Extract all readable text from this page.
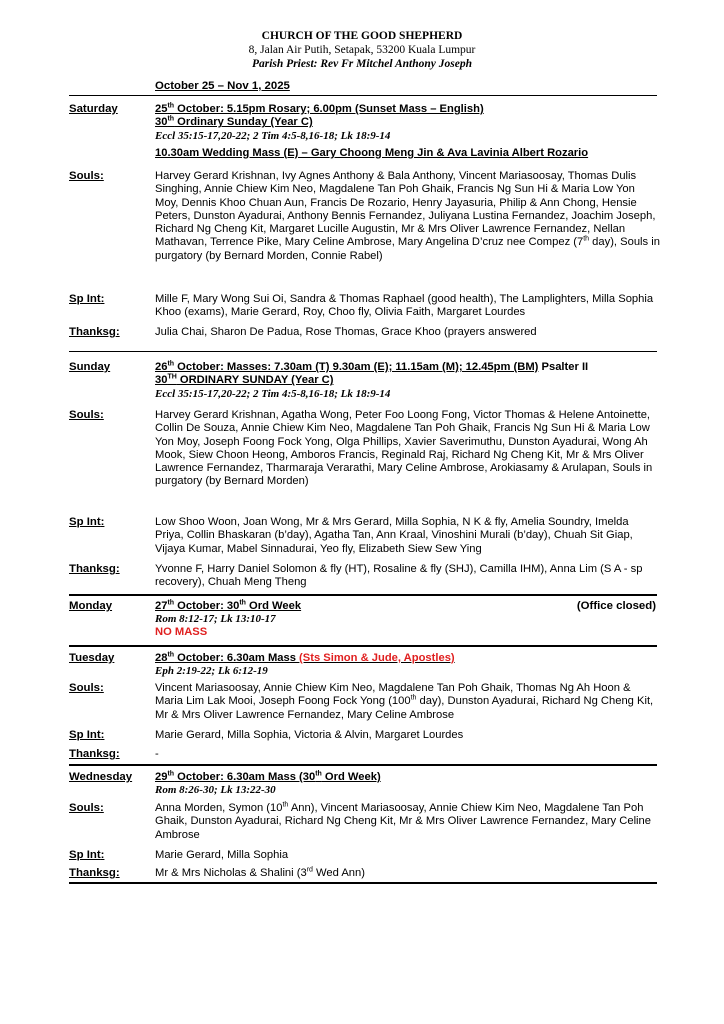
CHURCH OF THE GOOD SHEPHERD
8, Jalan Air Putih, Setapak, 53200 Kuala Lumpur
Parish Priest: Rev Fr Mitchel Anthony Joseph
October 25 – Nov 1, 2025
Saturday	25th October: 5.15pm Rosary; 6.00pm (Sunset Mass – English)
30th Ordinary Sunday (Year C)
Eccl 35:15-17,20-22; 2 Tim 4:5-8,16-18; Lk 18:9-14
10.30am Wedding Mass (E) – Gary Choong Meng Jin & Ava Lavinia Albert Rozario
Souls:	Harvey Gerard Krishnan, Ivy Agnes Anthony & Bala Anthony, Vincent Mariasoosay, Thomas Dulis Singhing, Annie Chiew Kim Neo, Magdalene Tan Poh Ghaik, Francis Ng Sun Hi & Maria Low Yon Moy, Dennis Khoo Chuan Aun, Francis De Rozario, Henry Jayasuria, Philip & Ann Chong, Hensie Peters, Dunston Ayadurai, Anthony Bennis Fernandez, Juliyana Lustina Fernandez, Joachim Joseph, Richard Ng Cheng Kit, Margaret Lucille Augustin, Mr & Mrs Oliver Lawrence Fernandez, Nellan Mathavan, Terrence Pike, Mary Celine Ambrose, Mary Angelina D’cruz nee Compez (7th day), Souls in purgatory (by Bernard Morden, Connie Rabel)
Sp Int:	Mille F, Mary Wong Sui Oi, Sandra & Thomas Raphael (good health), The Lamplighters, Milla Sophia Khoo (exams), Marie Gerard, Roy, Choo fly, Olivia Faith, Margaret Lourdes
Thanksg:	Julia Chai, Sharon De Padua, Rose Thomas, Grace Khoo (prayers answered
Sunday	26th October: Masses: 7.30am (T) 9.30am (E); 11.15am (M); 12.45pm (BM) Psalter II
30TH ORDINARY SUNDAY (Year C)
Eccl 35:15-17,20-22; 2 Tim 4:5-8,16-18; Lk 18:9-14
Souls:	Harvey Gerard Krishnan, Agatha Wong, Peter Foo Loong Fong, Victor Thomas & Helene Antoinette, Collin De Souza, Annie Chiew Kim Neo, Magdalene Tan Poh Ghaik, Francis Ng Sun Hi & Maria Low Yon Moy, Joseph Foong Fock Yong, Olga Phillips, Xavier Saverimuthu, Dunston Ayadurai, Wong Ah Mook, Siew Choon Heong, Amboros Francis, Reginald Raj, Richard Ng Cheng Kit, Mr & Mrs Oliver Lawrence Fernandez, Tharmaraja Verarathi, Mary Celine Ambrose, Arokiasamy & Arulapan, Souls in purgatory (by Bernard Morden)
Sp Int:	Low Shoo Woon, Joan Wong, Mr & Mrs Gerard, Milla Sophia, N K & fly, Amelia Soundry, Imelda Priya, Collin Bhaskaran (b’day), Agatha Tan, Ann Kraal, Vinoshini Murali (b’day), Chuah Sit Giap, Vijaya Kumar, Mabel Sinnadurai, Yeo fly, Elizabeth Siew Sew Ying
Thanksg:	Yvonne F, Harry Daniel Solomon & fly (HT), Rosaline & fly (SHJ), Camilla IHM), Anna Lim (S A - sp recovery), Chuah Meng Theng
Monday	27th October: 30th Ord Week
Rom 8:12-17; Lk 13:10-17
NO MASS
(Office closed)
Tuesday	28th October: 6.30am Mass (Sts Simon & Jude, Apostles)
Eph 2:19-22; Lk 6:12-19
Souls:	Vincent Mariasoosay, Annie Chiew Kim Neo, Magdalene Tan Poh Ghaik, Thomas Ng Ah Hoon & Maria Lim Lak Mooi, Joseph Foong Fock Yong (100th day), Dunston Ayadurai, Richard Ng Cheng Kit, Mr & Mrs Oliver Lawrence Fernandez, Mary Celine Ambrose
Sp Int:	Marie Gerard, Milla Sophia, Victoria & Alvin, Margaret Lourdes
Thanksg:	-
Wednesday 29th October: 6.30am Mass (30th Ord Week)
Rom 8:26-30; Lk 13:22-30
Souls:	Anna Morden, Symon (10th Ann), Vincent Mariasoosay, Annie Chiew Kim Neo, Magdalene Tan Poh Ghaik, Dunston Ayadurai, Richard Ng Cheng Kit, Mr & Mrs Oliver Lawrence Fernandez, Mary Celine Ambrose
Sp Int:	Marie Gerard, Milla Sophia
Thanksg:	Mr & Mrs Nicholas & Shalini (3rd Wed Ann)
